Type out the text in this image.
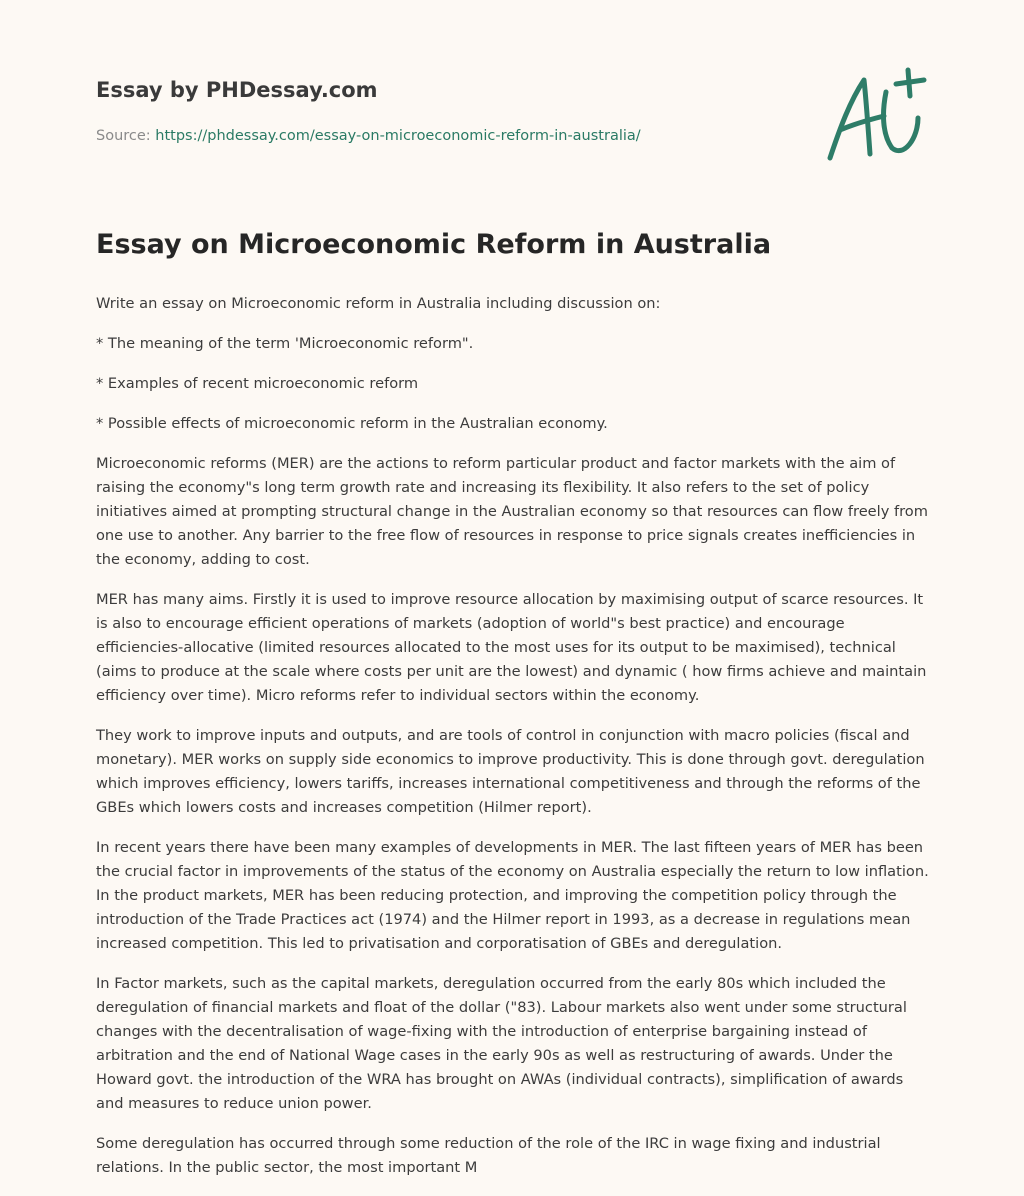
Essay by PHDessay.com
Source: https://phdessay.com/essay-on-microeconomic-reform-in-australia/
Essay on Microeconomic Reform in Australia

Write an essay on Microeconomic reform in Australia including discussion on:

* The meaning of the term 'Microeconomic reform".

* Examples of recent microeconomic reform

* Possible effects of microeconomic reform in the Australian economy.

Microeconomic reforms (MER) are the actions to reform particular product and factor markets with the aim of raising the economy"s long term growth rate and increasing its flexibility. It also refers to the set of policy initiatives aimed at prompting structural change in the Australian economy so that resources can flow freely from one use to another. Any barrier to the free flow of resources in response to price signals creates inefficiencies in the economy, adding to cost.

MER has many aims. Firstly it is used to improve resource allocation by maximising output of scarce resources. It is also to encourage efficient operations of markets (adoption of world"s best practice) and encourage efficiencies-allocative (limited resources allocated to the most uses for its output to be maximised), technical (aims to produce at the scale where costs per unit are the lowest) and dynamic ( how firms achieve and maintain efficiency over time). Micro reforms refer to individual sectors within the economy.

They work to improve inputs and outputs, and are tools of control in conjunction with macro policies (fiscal and monetary). MER works on supply side economics to improve productivity. This is done through govt. deregulation which improves efficiency, lowers tariffs, increases international competitiveness and through the reforms of the GBEs which lowers costs and increases competition (Hilmer report).

In recent years there have been many examples of developments in MER. The last fifteen years of MER has been the crucial factor in improvements of the status of the economy on Australia especially the return to low inflation. In the product markets, MER has been reducing protection, and improving the competition policy through the introduction of the Trade Practices act (1974) and the Hilmer report in 1993, as a decrease in regulations mean increased competition. This led to privatisation and corporatisation of GBEs and deregulation.

In Factor markets, such as the capital markets, deregulation occurred from the early 80s which included the deregulation of financial markets and float of the dollar ("83). Labour markets also went under some structural changes with the decentralisation of wage-fixing with the introduction of enterprise bargaining instead of arbitration and the end of National Wage cases in the early 90s as well as restructuring of awards. Under the Howard govt. the introduction of the WRA has brought on AWAs (individual contracts), simplification of awards and measures to reduce union power.

Some deregulation has occurred through some reduction of the role of the IRC in wage fixing and industrial relations. In the public sector, the most important M
